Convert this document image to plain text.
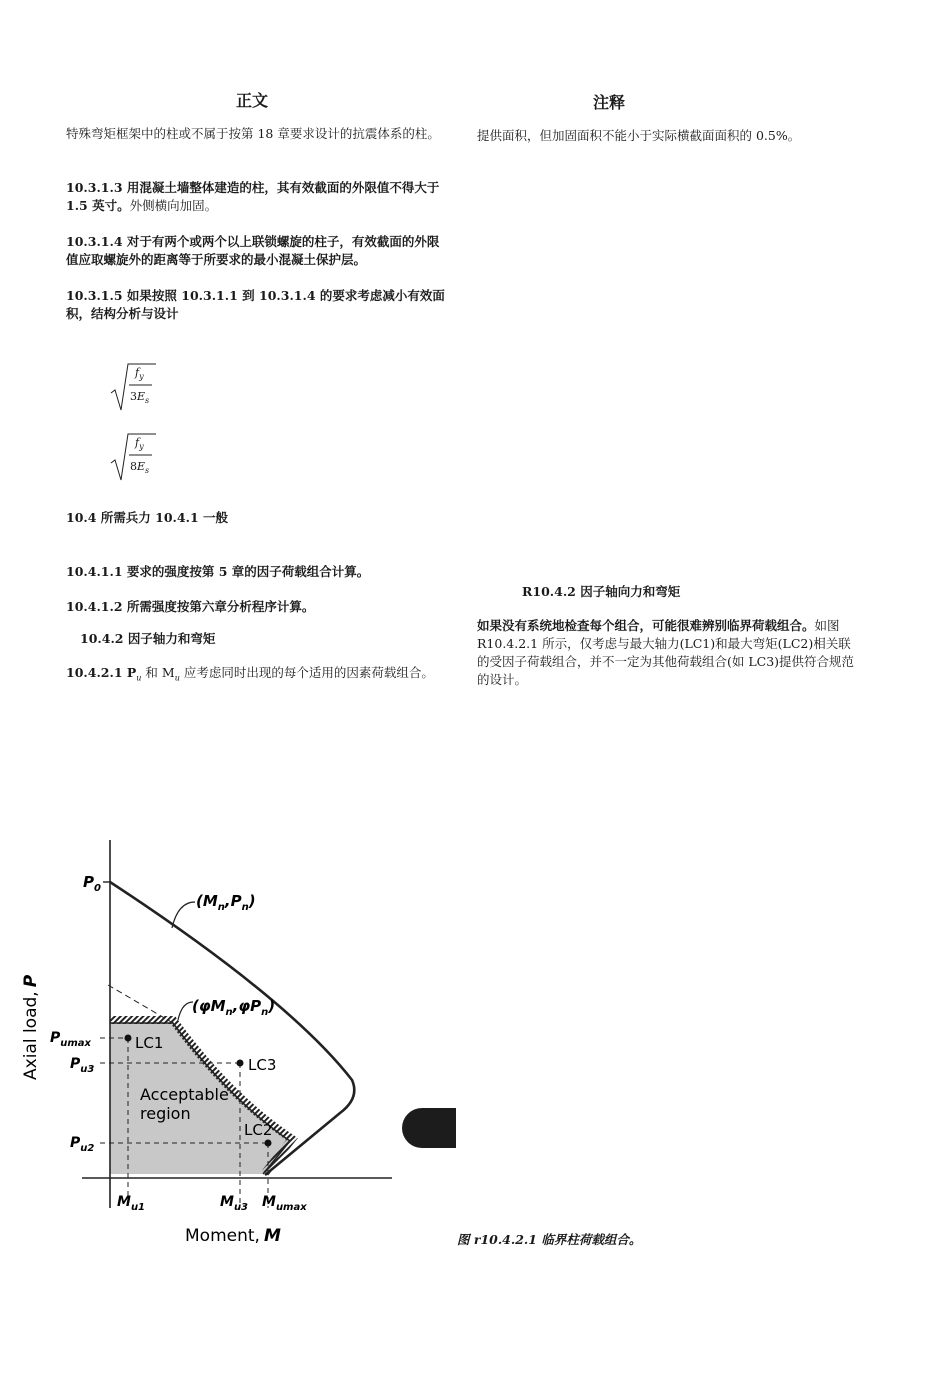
正文	注释

特殊弯矩框架中的柱或不属于按第 18 章要求设计的抗震体系的柱。

10.3.1.3 用混凝土墙整体建造的柱，其有效截面的外限值不得大于 1.5 英寸。外侧横向加固。

10.3.1.4 对于有两个或两个以上联锁螺旋的柱子，有效截面的外限值应取螺旋外的距离等于所要求的最小混凝土保护层。

10.3.1.5 如果按照 10.3.1.1 到 10.3.1.4 的要求考虑减小有效面积，结构分析与设计

$f_y$
$3E_s$
$f_y$
$8E_s$

10.4 所需兵力 10.4.1 一般

10.4.1.1 要求的强度按第 5 章的因子荷载组合计算。

10.4.1.2 所需强度按第六章分析程序计算。

10.4.2 因子轴力和弯矩

10.4.2.1 $P_u$ 和 $M_u$ 应考虑同时出现的每个适用的因素荷载组合。

提供面积，但加固面积不能小于实际横截面面积的 0.5%。

R10.4.2 因子轴向力和弯矩

如果没有系统地检查每个组合，可能很难辨别临界荷载组合。如图 R10.4.2.1 所示，仅考虑与最大轴力(LC1)和最大弯矩(LC2)相关联的受因子荷载组合，并不一定为其他荷载组合(如 LC3)提供符合规范的设计。

$P_0$
$P_{umax}$
$P_{u3}$
$P_{u2}$
$M_{u1}$	$M_{u3}$ $M_{umax}$
Moment, M
Axial load,P
$(M_n,P_n)$
$(\varphi M_n,\varphi P_n)$
LC1
LC3
LC2
Acceptable
region
图 r10.4.2.1 临界柱荷载组合。
